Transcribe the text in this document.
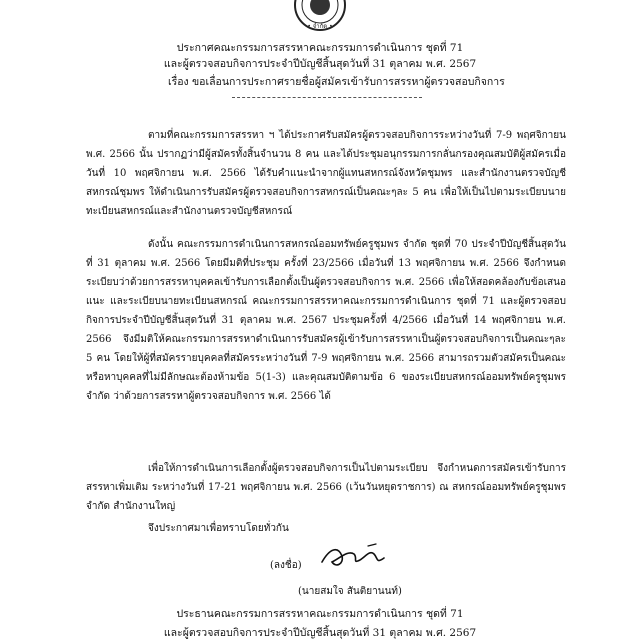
• จำกัด •
ประกาศคณะกรรมการสรรหาคณะกรรมการดำเนินการ ชุดที่ 71
และผู้ตรวจสอบกิจการประจำปีบัญชีสิ้นสุดวันที่ 31 ตุลาคม พ.ศ. 2567
เรื่อง ขอเลื่อนการประกาศรายชื่อผู้สมัครเข้ารับการสรรหาผู้ตรวจสอบกิจการ

ตามที่คณะกรรมการสรรหา ฯ ได้ประกาศรับสมัครผู้ตรวจสอบกิจการระหว่างวันที่ 7-9 พฤศจิกายน พ.ศ. 2566 นั้น ปรากฏว่ามีผู้สมัครทั้งสิ้นจำนวน 8 คน และได้ประชุมอนุกรรมการกลั่นกรองคุณสมบัติผู้สมัครเมื่อวันที่ 10 พฤศจิกายน พ.ศ. 2566 ได้รับคำแนะนำจากผู้แทนสหกรณ์จังหวัดชุมพร และสำนักงานตรวจบัญชีสหกรณ์ชุมพร ให้ดำเนินการรับสมัครผู้ตรวจสอบกิจการสหกรณ์เป็นคณะๆละ 5 คน เพื่อให้เป็นไปตามระเบียบนายทะเบียนสหกรณ์และสำนักงานตรวจบัญชีสหกรณ์

ดังนั้น คณะกรรมการดำเนินการสหกรณ์ออมทรัพย์ครูชุมพร จำกัด ชุดที่ 70 ประจำปีบัญชีสิ้นสุดวันที่ 31 ตุลาคม พ.ศ. 2566 โดยมีมติที่ประชุม ครั้งที่ 23/2566 เมื่อวันที่ 13 พฤศจิกายน พ.ศ. 2566 จึงกำหนดระเบียบว่าด้วยการสรรหาบุคคลเข้ารับการเลือกตั้งเป็นผู้ตรวจสอบกิจการ พ.ศ. 2566 เพื่อให้สอดคล้องกับข้อเสนอแนะ และระเบียบนายทะเบียนสหกรณ์ คณะกรรมการสรรหาคณะกรรมการดำเนินการ ชุดที่ 71 และผู้ตรวจสอบกิจการประจำปีบัญชีสิ้นสุดวันที่ 31 ตุลาคม พ.ศ. 2567 ประชุมครั้งที่ 4/2566 เมื่อวันที่ 14 พฤศจิกายน พ.ศ. 2566 จึงมีมติให้คณะกรรมการสรรหาดำเนินการรับสมัครผู้เข้ารับการสรรหาเป็นผู้ตรวจสอบกิจการเป็นคณะๆละ 5 คน โดยให้ผู้ที่สมัครรายบุคคลที่สมัครระหว่างวันที่ 7-9 พฤศจิกายน พ.ศ. 2566 สามารถรวมตัวสมัครเป็นคณะหรือหาบุคคลที่ไม่มีลักษณะต้องห้ามข้อ 5(1-3) และคุณสมบัติตามข้อ 6 ของระเบียบสหกรณ์ออมทรัพย์ครูชุมพร จำกัด ว่าด้วยการสรรหาผู้ตรวจสอบกิจการ พ.ศ. 2566 ได้

เพื่อให้การดำเนินการเลือกตั้งผู้ตรวจสอบกิจการเป็นไปตามระเบียบ จึงกำหนดการสมัครเข้ารับการสรรหาเพิ่มเติม ระหว่างวันที่ 17-21 พฤศจิกายน พ.ศ. 2566 (เว้นวันหยุดราชการ) ณ สหกรณ์ออมทรัพย์ครูชุมพร จำกัด สำนักงานใหญ่

จึงประกาศมาเพื่อทราบโดยทั่วกัน
(ลงชื่อ)
(นายสมใจ สันติยานนท์)
ประธานคณะกรรมการสรรหาคณะกรรมการดำเนินการ ชุดที่ 71
และผู้ตรวจสอบกิจการประจำปีบัญชีสิ้นสุดวันที่ 31 ตุลาคม พ.ศ. 2567
